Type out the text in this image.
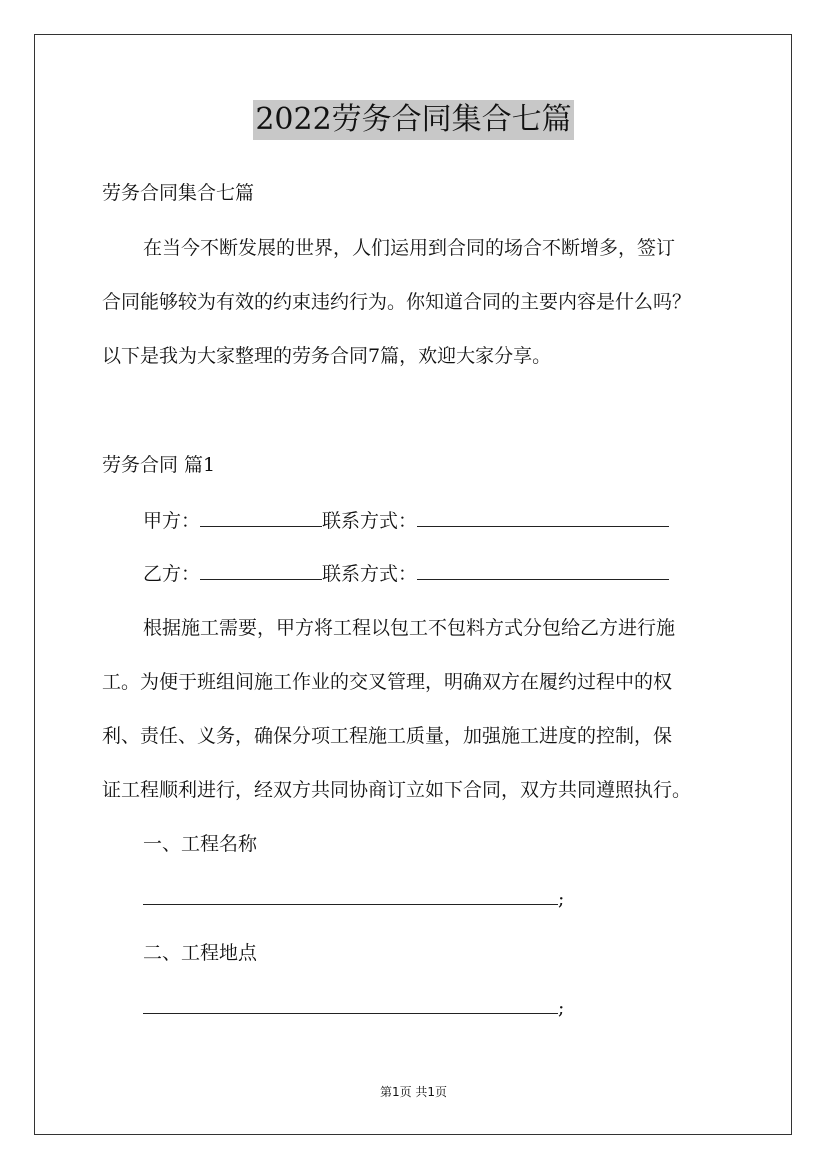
2022劳务合同集合七篇
劳务合同集合七篇
在当今不断发展的世界，人们运用到合同的场合不断增多，签订
合同能够较为有效的约束违约行为。你知道合同的主要内容是什么吗？
以下是我为大家整理的劳务合同7篇，欢迎大家分享。
劳务合同 篇1
甲方：	联系方式：
乙方：	联系方式：
根据施工需要，甲方将工程以包工不包料方式分包给乙方进行施
工。为便于班组间施工作业的交叉管理，明确双方在履约过程中的权
利、责任、义务，确保分项工程施工质量，加强施工进度的控制，保
证工程顺利进行，经双方共同协商订立如下合同，双方共同遵照执行。
一、工程名称
;
二、工程地点
;
第1页 共1页
